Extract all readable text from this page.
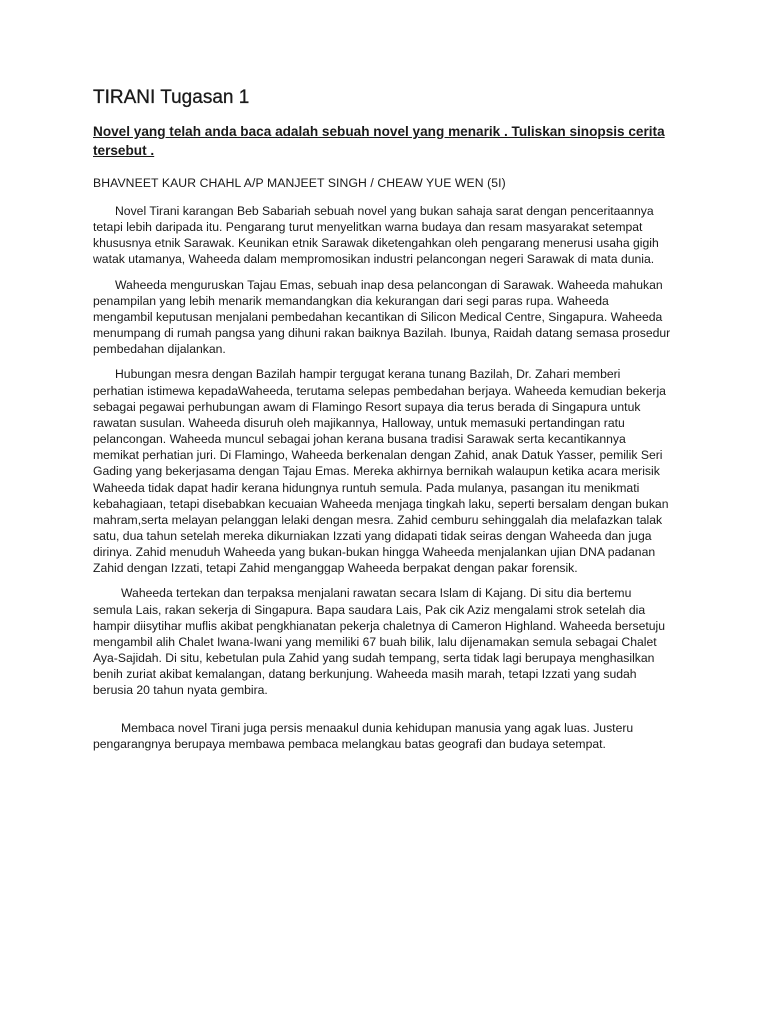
TIRANI Tugasan 1

Novel yang telah anda baca adalah sebuah novel yang menarik . Tuliskan sinopsis cerita tersebut .

BHAVNEET KAUR CHAHL A/P MANJEET SINGH / CHEAW YUE WEN (5I)

Novel Tirani karangan Beb Sabariah sebuah novel yang bukan sahaja sarat dengan penceritaannya tetapi lebih daripada itu. Pengarang turut menyelitkan warna budaya dan resam masyarakat setempat khususnya etnik Sarawak. Keunikan etnik Sarawak diketengahkan oleh pengarang menerusi usaha gigih watak utamanya, Waheeda dalam mempromosikan industri pelancongan negeri Sarawak di mata dunia.

Waheeda menguruskan Tajau Emas, sebuah inap desa pelancongan di Sarawak. Waheeda mahukan penampilan yang lebih menarik memandangkan dia kekurangan dari segi paras rupa. Waheeda mengambil keputusan menjalani pembedahan kecantikan di Silicon Medical Centre, Singapura. Waheeda menumpang di rumah pangsa yang dihuni rakan baiknya Bazilah. Ibunya, Raidah datang semasa prosedur pembedahan dijalankan.

Hubungan mesra dengan Bazilah hampir tergugat kerana tunang Bazilah, Dr. Zahari memberi perhatian istimewa kepadaWaheeda, terutama selepas pembedahan berjaya. Waheeda kemudian bekerja sebagai pegawai perhubungan awam di Flamingo Resort supaya dia terus berada di Singapura untuk rawatan susulan. Waheeda disuruh oleh majikannya, Halloway, untuk memasuki pertandingan ratu pelancongan. Waheeda muncul sebagai johan kerana busana tradisi Sarawak serta kecantikannya memikat perhatian juri. Di Flamingo, Waheeda berkenalan dengan Zahid, anak Datuk Yasser, pemilik Seri Gading yang bekerjasama dengan Tajau Emas. Mereka akhirnya bernikah walaupun ketika acara merisik Waheeda tidak dapat hadir kerana hidungnya runtuh semula. Pada mulanya, pasangan itu menikmati kebahagiaan, tetapi disebabkan kecuaian Waheeda menjaga tingkah laku, seperti bersalam dengan bukan mahram,serta melayan pelanggan lelaki dengan mesra. Zahid cemburu sehinggalah dia melafazkan talak satu, dua tahun setelah mereka dikurniakan Izzati yang didapati tidak seiras dengan Waheeda dan juga dirinya. Zahid menuduh Waheeda yang bukan-bukan hingga Waheeda menjalankan ujian DNA padanan Zahid dengan Izzati, tetapi Zahid menganggap Waheeda berpakat dengan pakar forensik.

Waheeda tertekan dan terpaksa menjalani rawatan secara Islam di Kajang. Di situ dia bertemu semula Lais, rakan sekerja di Singapura. Bapa saudara Lais, Pak cik Aziz mengalami strok setelah dia hampir diisytihar muflis akibat pengkhianatan pekerja chaletnya di Cameron Highland. Waheeda bersetuju mengambil alih Chalet Iwana-Iwani yang memiliki 67 buah bilik, lalu dijenamakan semula sebagai Chalet Aya-Sajidah. Di situ, kebetulan pula Zahid yang sudah tempang, serta tidak lagi berupaya menghasilkan benih zuriat akibat kemalangan, datang berkunjung. Waheeda masih marah, tetapi Izzati yang sudah berusia 20 tahun nyata gembira.

Membaca novel Tirani juga persis menaakul dunia kehidupan manusia yang agak luas. Justeru pengarangnya berupaya membawa pembaca melangkau batas geografi dan budaya setempat.
